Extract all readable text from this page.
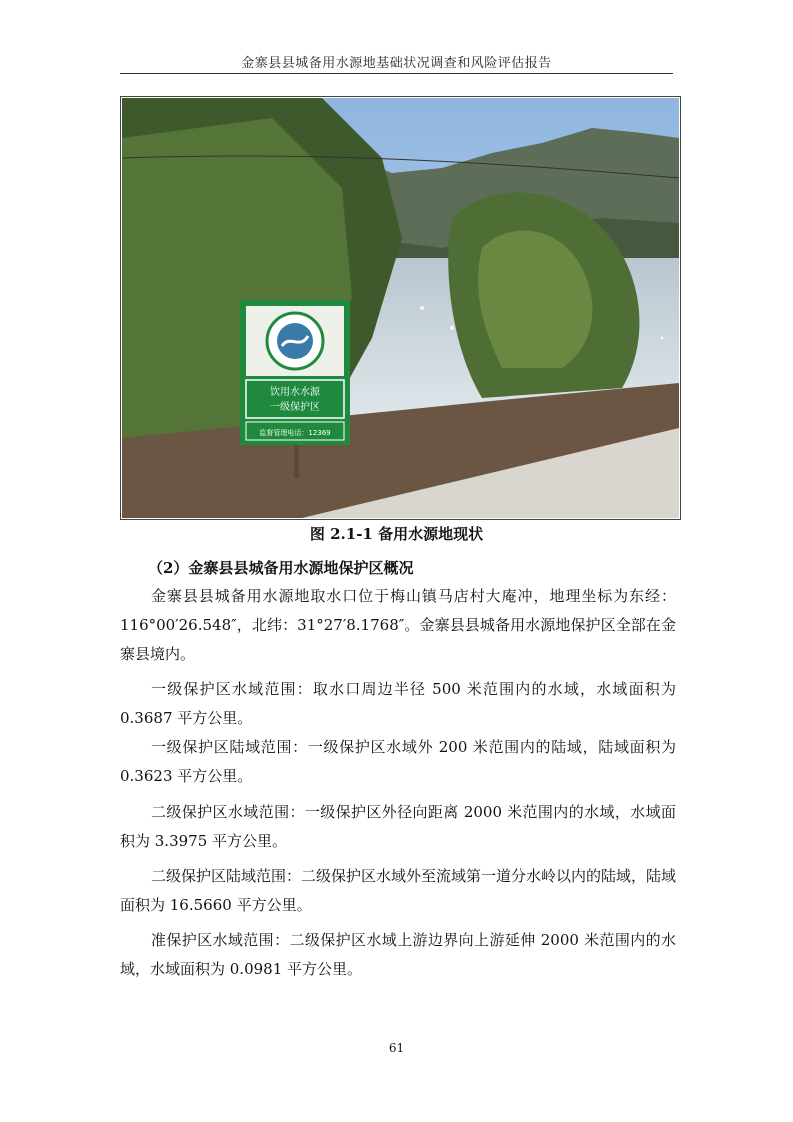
金寨县县城备用水源地基础状况调查和风险评估报告
饮用水水源
一级保护区
监督管理电话：12369
图 2.1-1 备用水源地现状
（2）金寨县县城备用水源地保护区概况
金寨县县城备用水源地取水口位于梅山镇马店村大庵冲，地理坐标为东经：116°00′26.548″，北纬：31°27′8.1768″。金寨县县城备用水源地保护区全部在金寨县境内。
一级保护区水域范围：取水口周边半径 500 米范围内的水域，水域面积为 0.3687 平方公里。
一级保护区陆域范围：一级保护区水域外 200 米范围内的陆域，陆域面积为 0.3623 平方公里。
二级保护区水域范围：一级保护区外径向距离 2000 米范围内的水域，水域面积为 3.3975 平方公里。
二级保护区陆域范围：二级保护区水域外至流域第一道分水岭以内的陆域，陆域面积为 16.5660 平方公里。
准保护区水域范围：二级保护区水域上游边界向上游延伸 2000 米范围内的水域，水域面积为 0.0981 平方公里。
61
